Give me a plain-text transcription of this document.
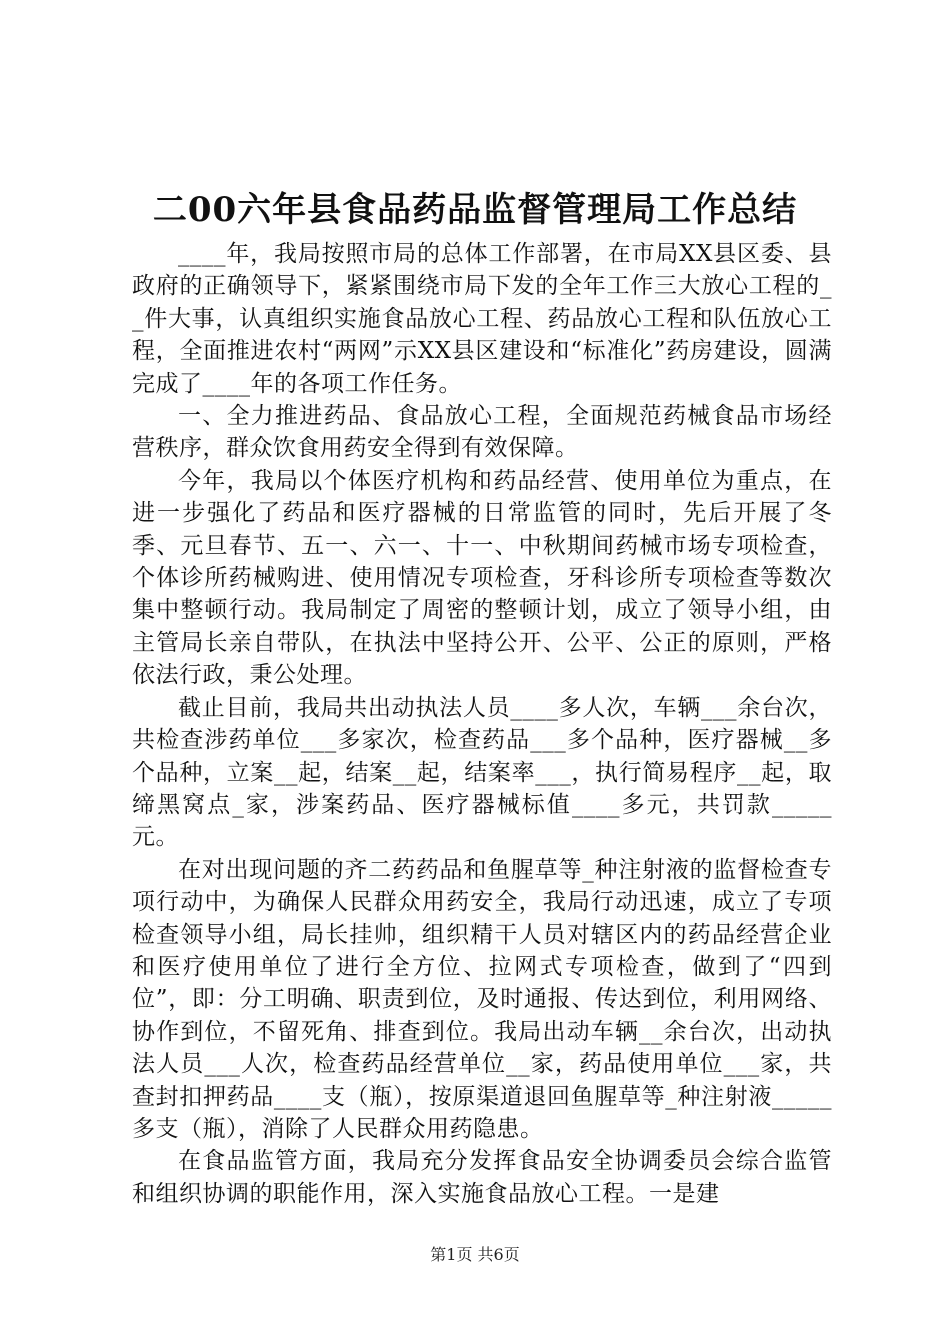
二00六年县食品药品监督管理局工作总结

____年，我局按照市局的总体工作部署，在市局XX县区委、县政府的正确领导下，紧紧围绕市局下发的全年工作三大放心工程的__件大事，认真组织实施食品放心工程、药品放心工程和队伍放心工程，全面推进农村“两网”示XX县区建设和“标准化”药房建设，圆满完成了____年的各项工作任务。

一、全力推进药品、食品放心工程，全面规范药械食品市场经营秩序，群众饮食用药安全得到有效保障。

今年，我局以个体医疗机构和药品经营、使用单位为重点，在进一步强化了药品和医疗器械的日常监管的同时，先后开展了冬季、元旦春节、五一、六一、十一、中秋期间药械市场专项检查，个体诊所药械购进、使用情况专项检查，牙科诊所专项检查等数次集中整顿行动。我局制定了周密的整顿计划，成立了领导小组，由主管局长亲自带队，在执法中坚持公开、公平、公正的原则，严格依法行政，秉公处理。

截止目前，我局共出动执法人员____多人次，车辆___余台次，共检查涉药单位___多家次，检查药品___多个品种，医疗器械__多个品种，立案__起，结案__起，结案率___，执行简易程序__起，取缔黑窝点_家，涉案药品、医疗器械标值____多元，共罚款_____元。

在对出现问题的齐二药药品和鱼腥草等_种注射液的监督检查专项行动中，为确保人民群众用药安全，我局行动迅速，成立了专项检查领导小组，局长挂帅，组织精干人员对辖区内的药品经营企业和医疗使用单位了进行全方位、拉网式专项检查，做到了“四到位”，即：分工明确、职责到位，及时通报、传达到位，利用网络、协作到位，不留死角、排查到位。我局出动车辆__余台次，出动执法人员___人次，检查药品经营单位__家，药品使用单位___家，共查封扣押药品____支（瓶），按原渠道退回鱼腥草等_种注射液_____多支（瓶），消除了人民群众用药隐患。

在食品监管方面，我局充分发挥食品安全协调委员会综合监管和组织协调的职能作用，深入实施食品放心工程。一是建

第1页 共6页
